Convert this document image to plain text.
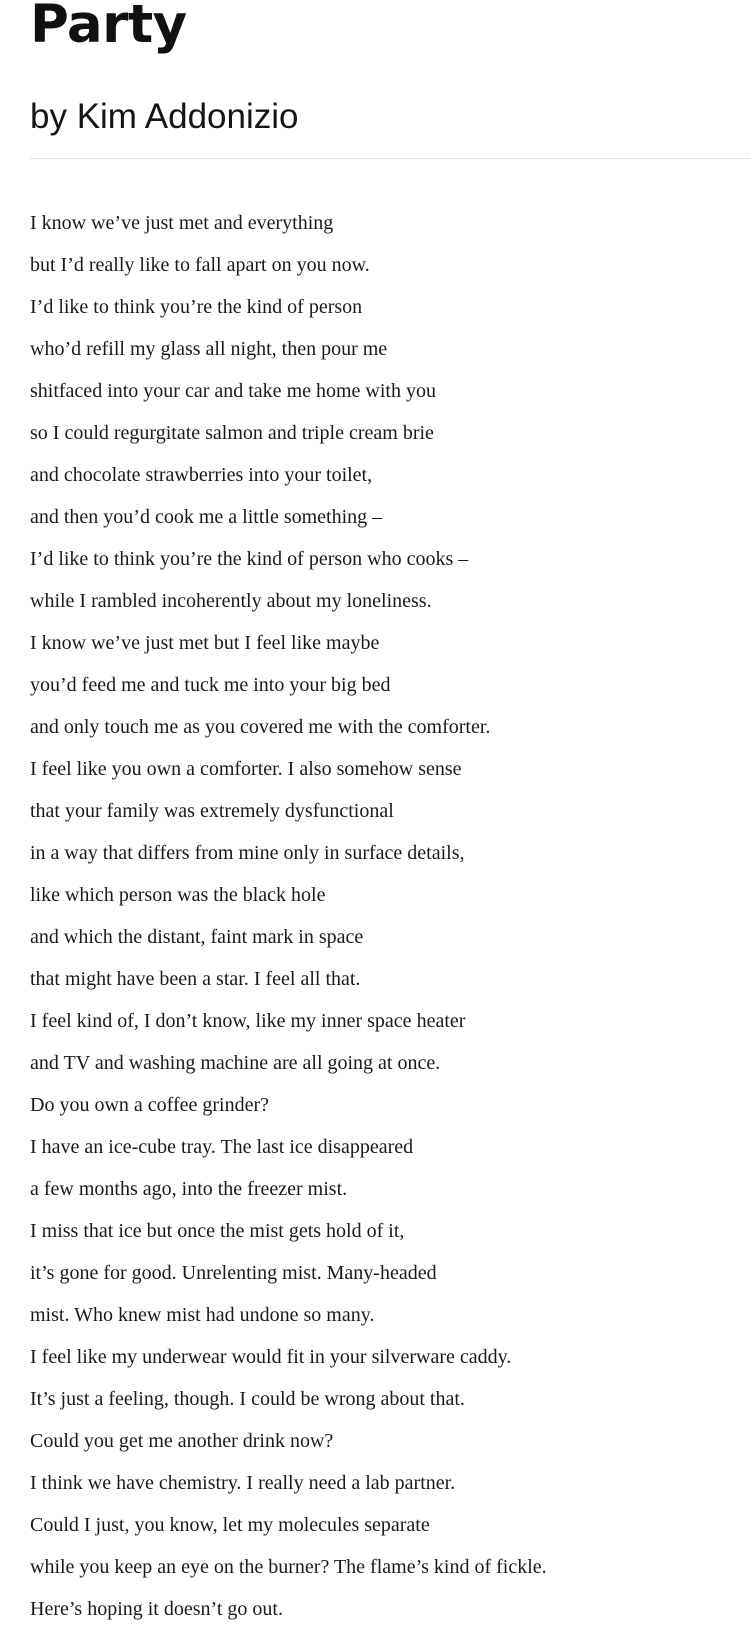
Party
by Kim Addonizio
I know we’ve just met and everything
but I’d really like to fall apart on you now.
I’d like to think you’re the kind of person
who’d refill my glass all night, then pour me
shitfaced into your car and take me home with you
so I could regurgitate salmon and triple cream brie
and chocolate strawberries into your toilet,
and then you’d cook me a little something –
I’d like to think you’re the kind of person who cooks –
while I rambled incoherently about my loneliness.
I know we’ve just met but I feel like maybe
you’d feed me and tuck me into your big bed
and only touch me as you covered me with the comforter.
I feel like you own a comforter. I also somehow sense
that your family was extremely dysfunctional
in a way that differs from mine only in surface details,
like which person was the black hole
and which the distant, faint mark in space
that might have been a star. I feel all that.
I feel kind of, I don’t know, like my inner space heater
and TV and washing machine are all going at once.
Do you own a coffee grinder?
I have an ice-cube tray. The last ice disappeared
a few months ago, into the freezer mist.
I miss that ice but once the mist gets hold of it,
it’s gone for good. Unrelenting mist. Many-headed
mist. Who knew mist had undone so many.
I feel like my underwear would fit in your silverware caddy.
It’s just a feeling, though. I could be wrong about that.
Could you get me another drink now?
I think we have chemistry. I really need a lab partner.
Could I just, you know, let my molecules separate
while you keep an eye on the burner? The flame’s kind of fickle.
Here’s hoping it doesn’t go out.
